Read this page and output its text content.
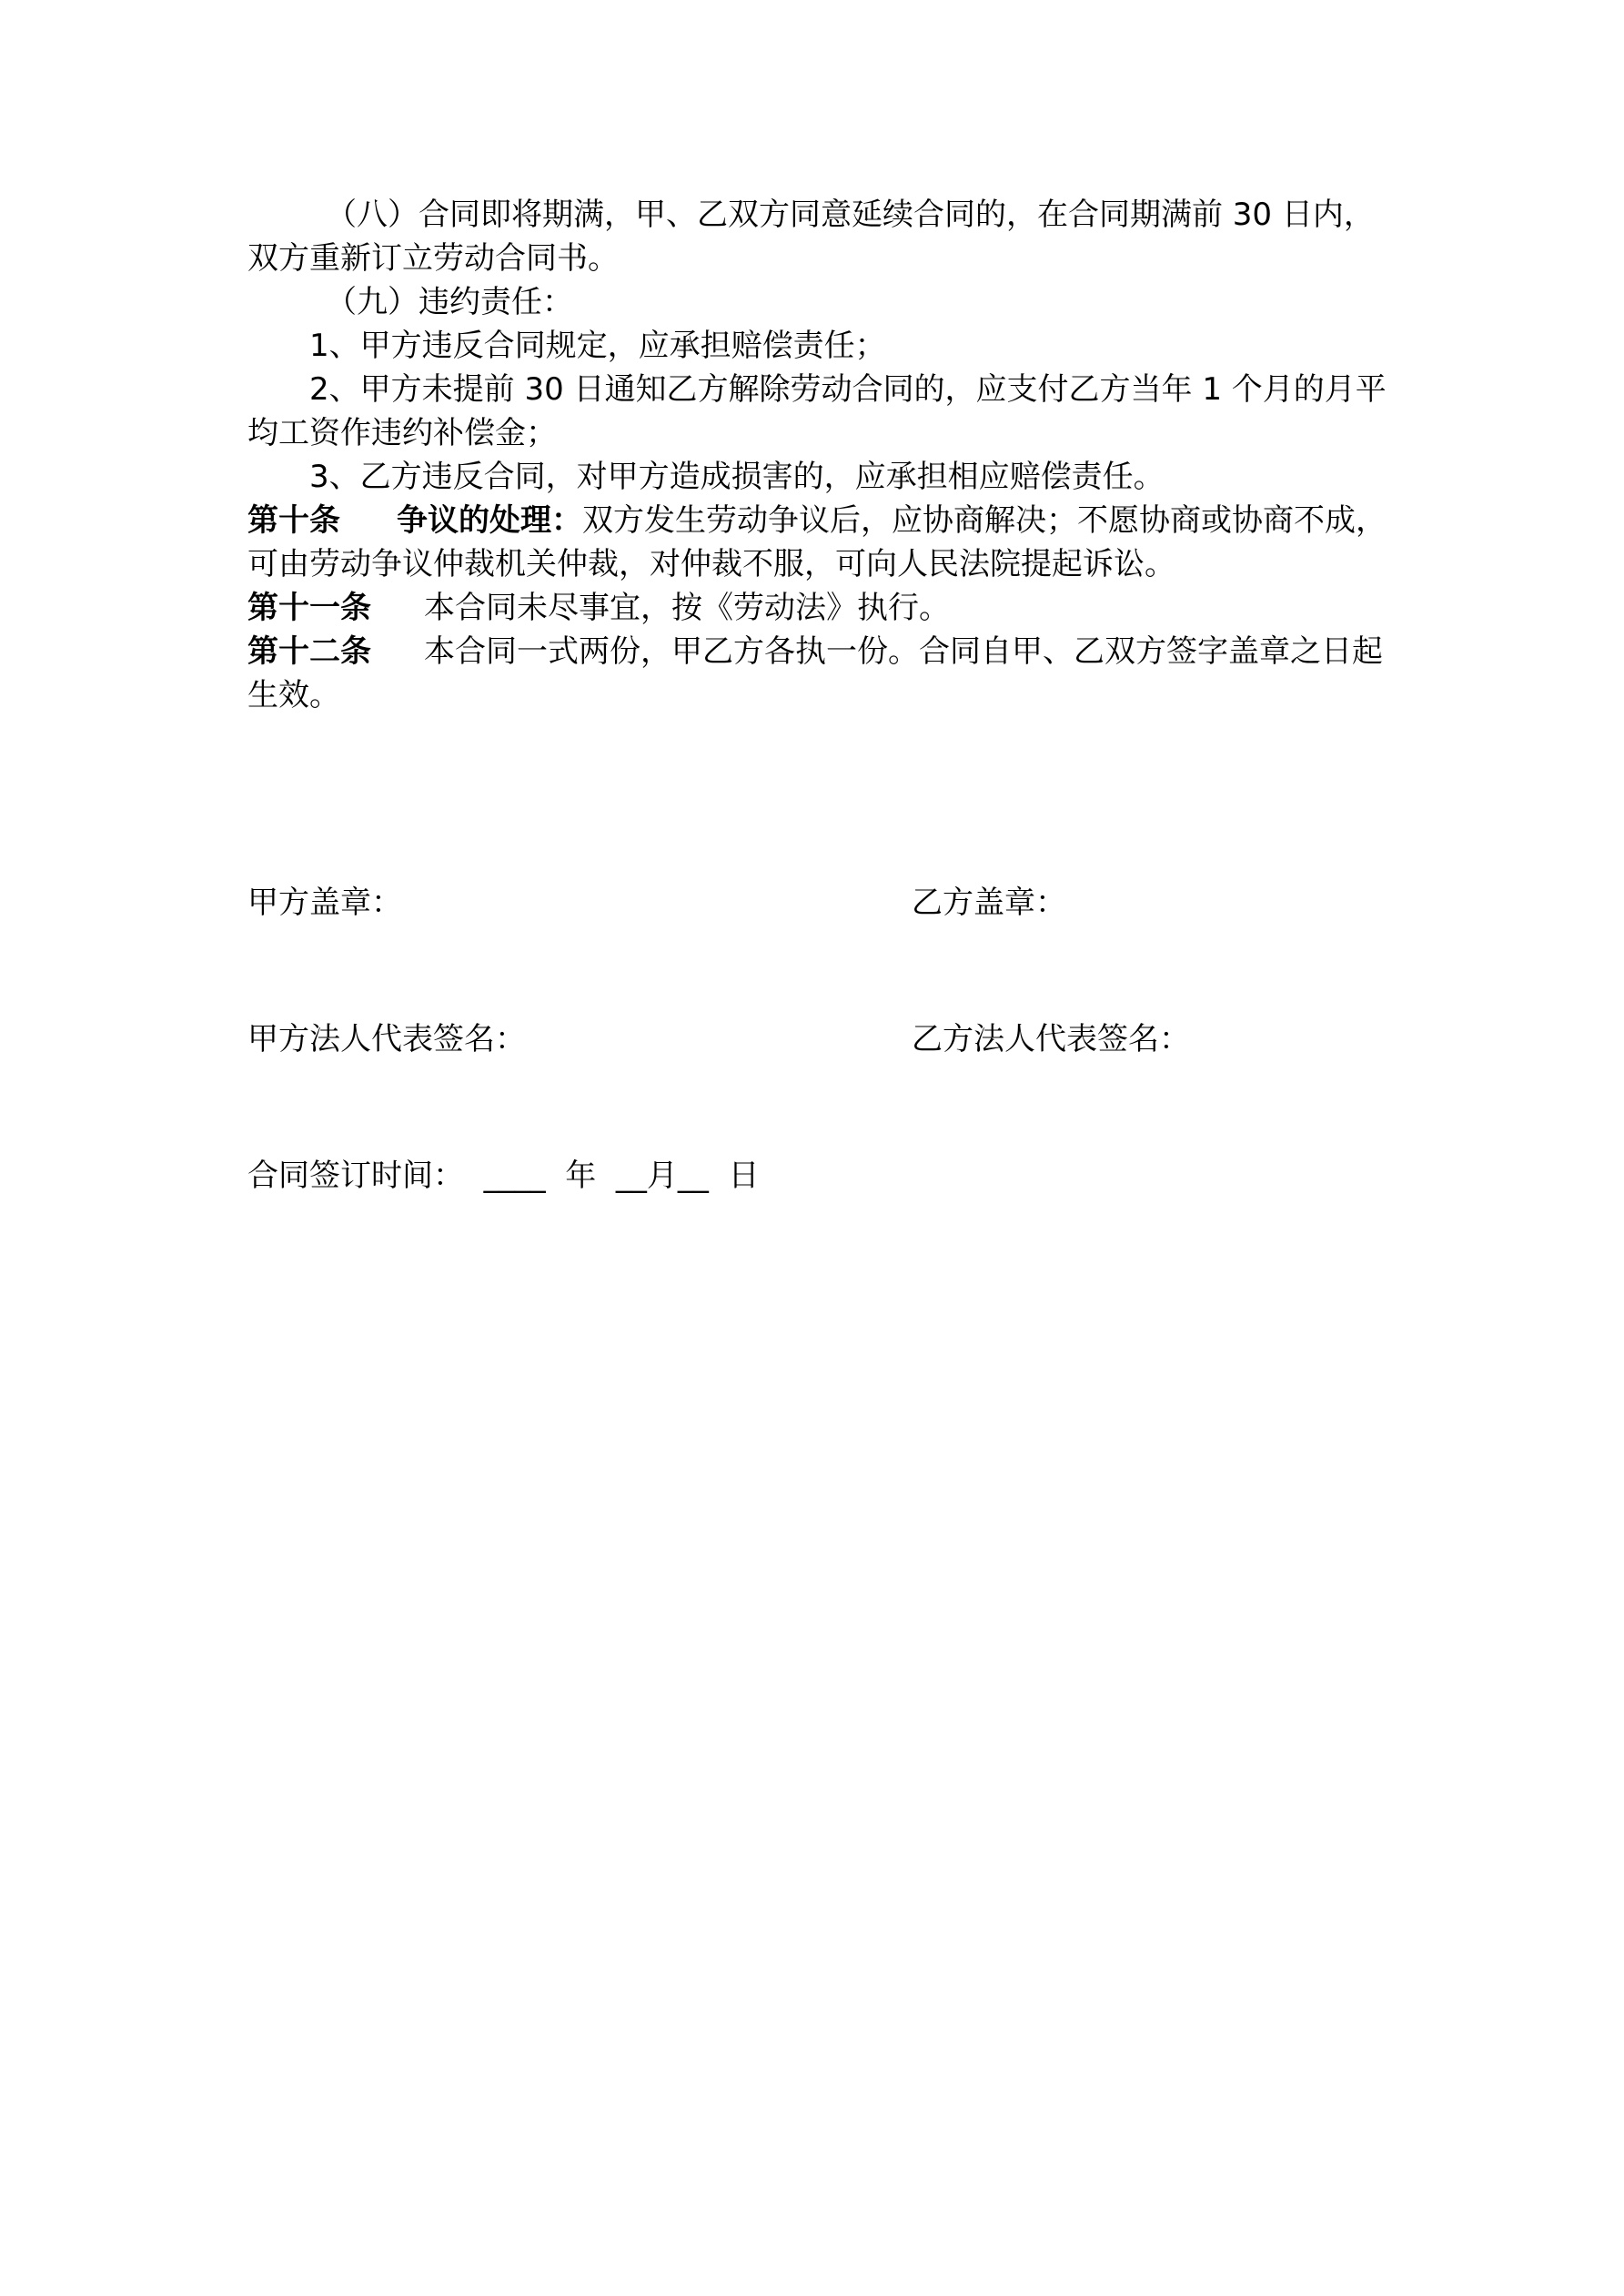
（八）合同即将期满，甲、乙双方同意延续合同的，在合同期满前 30 日内，双方重新订立劳动合同书。

（九）违约责任：

1、甲方违反合同规定，应承担赔偿责任；

2、甲方未提前 30 日通知乙方解除劳动合同的，应支付乙方当年 1 个月的月平均工资作违约补偿金；

3、乙方违反合同，对甲方造成损害的，应承担相应赔偿责任。

第十条 争议的处理：双方发生劳动争议后，应协商解决；不愿协商或协商不成，可由劳动争议仲裁机关仲裁，对仲裁不服，可向人民法院提起诉讼。

第十一条 本合同未尽事宜，按《劳动法》执行。

第十二条 本合同一式两份，甲乙方各执一份。合同自甲、乙双方签字盖章之日起生效。

甲方盖章：	乙方盖章：
甲方法人代表签名：	乙方法人代表签名：
合同签订时间：  ____  年  __月__  日
